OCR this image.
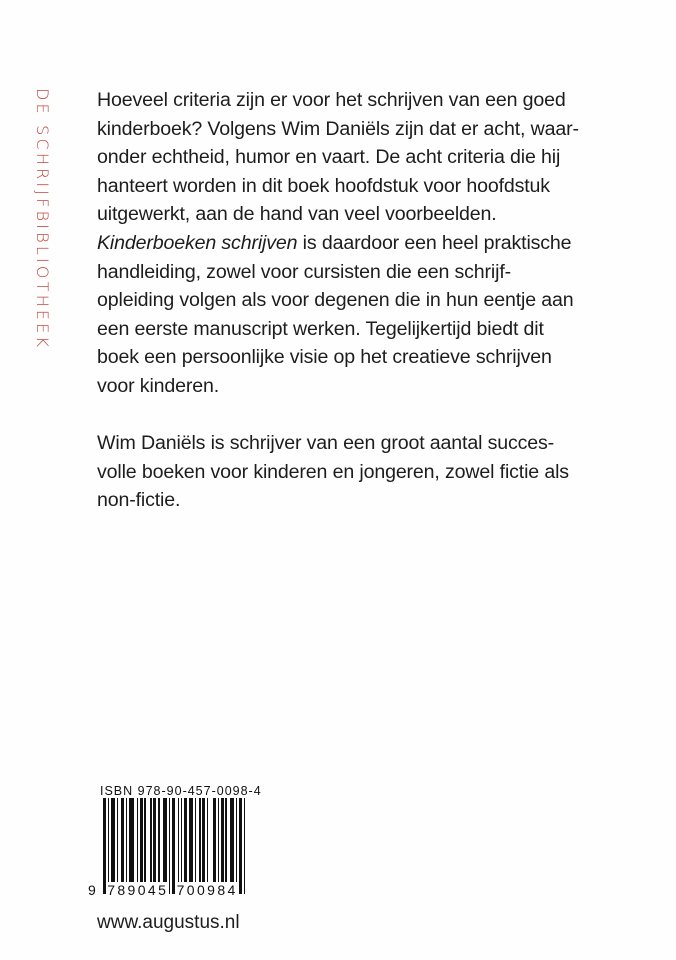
DE SCHRIJFBIBLIOTHEEK Hoeveel criteria zijn er voor het schrijven van een goed
kinderboek? Volgens Wim Daniëls zijn dat er acht, waar-
onder echtheid, humor en vaart. De acht criteria die hij
hanteert worden in dit boek hoofdstuk voor hoofdstuk
uitgewerkt, aan de hand van veel voorbeelden.
Kinderboeken schrijven is daardoor een heel praktische
handleiding, zowel voor cursisten die een schrijf-
opleiding volgen als voor degenen die in hun eentje aan
een eerste manuscript werken. Tegelijkertijd biedt dit
boek een persoonlijke visie op het creatieve schrijven
voor kinderen.

Wim Daniëls is schrijver van een groot aantal succes-
volle boeken voor kinderen en jongeren, zowel fictie als
non-fictie.

ISBN 978-90-457-0098-4
9 789045 700984
www.augustus.nl
